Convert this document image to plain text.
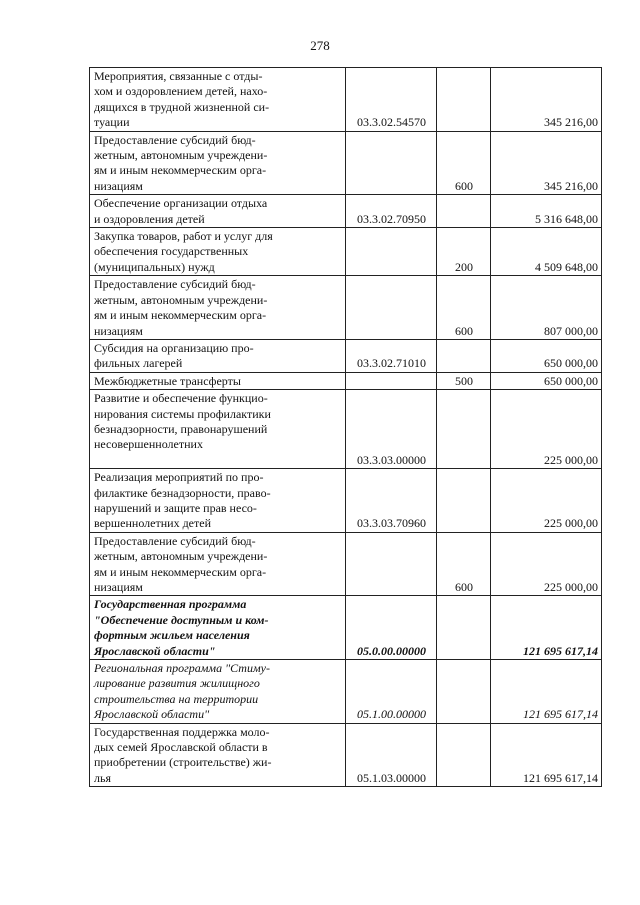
278
Мероприятия, связанные с отды-
хом и оздоровлением детей, нахо-
дящихся в трудной жизненной си-
туации	03.3.02.54570		345 216,00
Предоставление субсидий бюд-
жетным, автономным учреждени-
ям и иным некоммерческим орга-
низациям		600	345 216,00
Обеспечение организации отдыха
и оздоровления детей	03.3.02.70950		5 316 648,00
Закупка товаров, работ и услуг для
обеспечения государственных
(муниципальных) нужд		200	4 509 648,00
Предоставление субсидий бюд-
жетным, автономным учреждени-
ям и иным некоммерческим орга-
низациям		600	807 000,00
Субсидия на организацию про-
фильных лагерей	03.3.02.71010		650 000,00
Межбюджетные трансферты		500	650 000,00
Развитие и обеспечение функцио-
нирования системы профилактики
безнадзорности, правонарушений
несовершеннолетних	03.3.03.00000		225 000,00
Реализация мероприятий по про-
филактике безнадзорности, право-
нарушений и защите прав несо-
вершеннолетних детей	03.3.03.70960		225 000,00
Предоставление субсидий бюд-
жетным, автономным учреждени-
ям и иным некоммерческим орга-
низациям		600	225 000,00
Государственная программа
"Обеспечение доступным и ком-
фортным жильем населения
Ярославской области"	05.0.00.00000		121 695 617,14
Региональная программа "Стиму-
лирование развития жилищного
строительства на территории
Ярославской области"	05.1.00.00000		121 695 617,14
Государственная поддержка моло-
дых семей Ярославской области в
приобретении (строительстве) жи-
лья	05.1.03.00000		121 695 617,14
